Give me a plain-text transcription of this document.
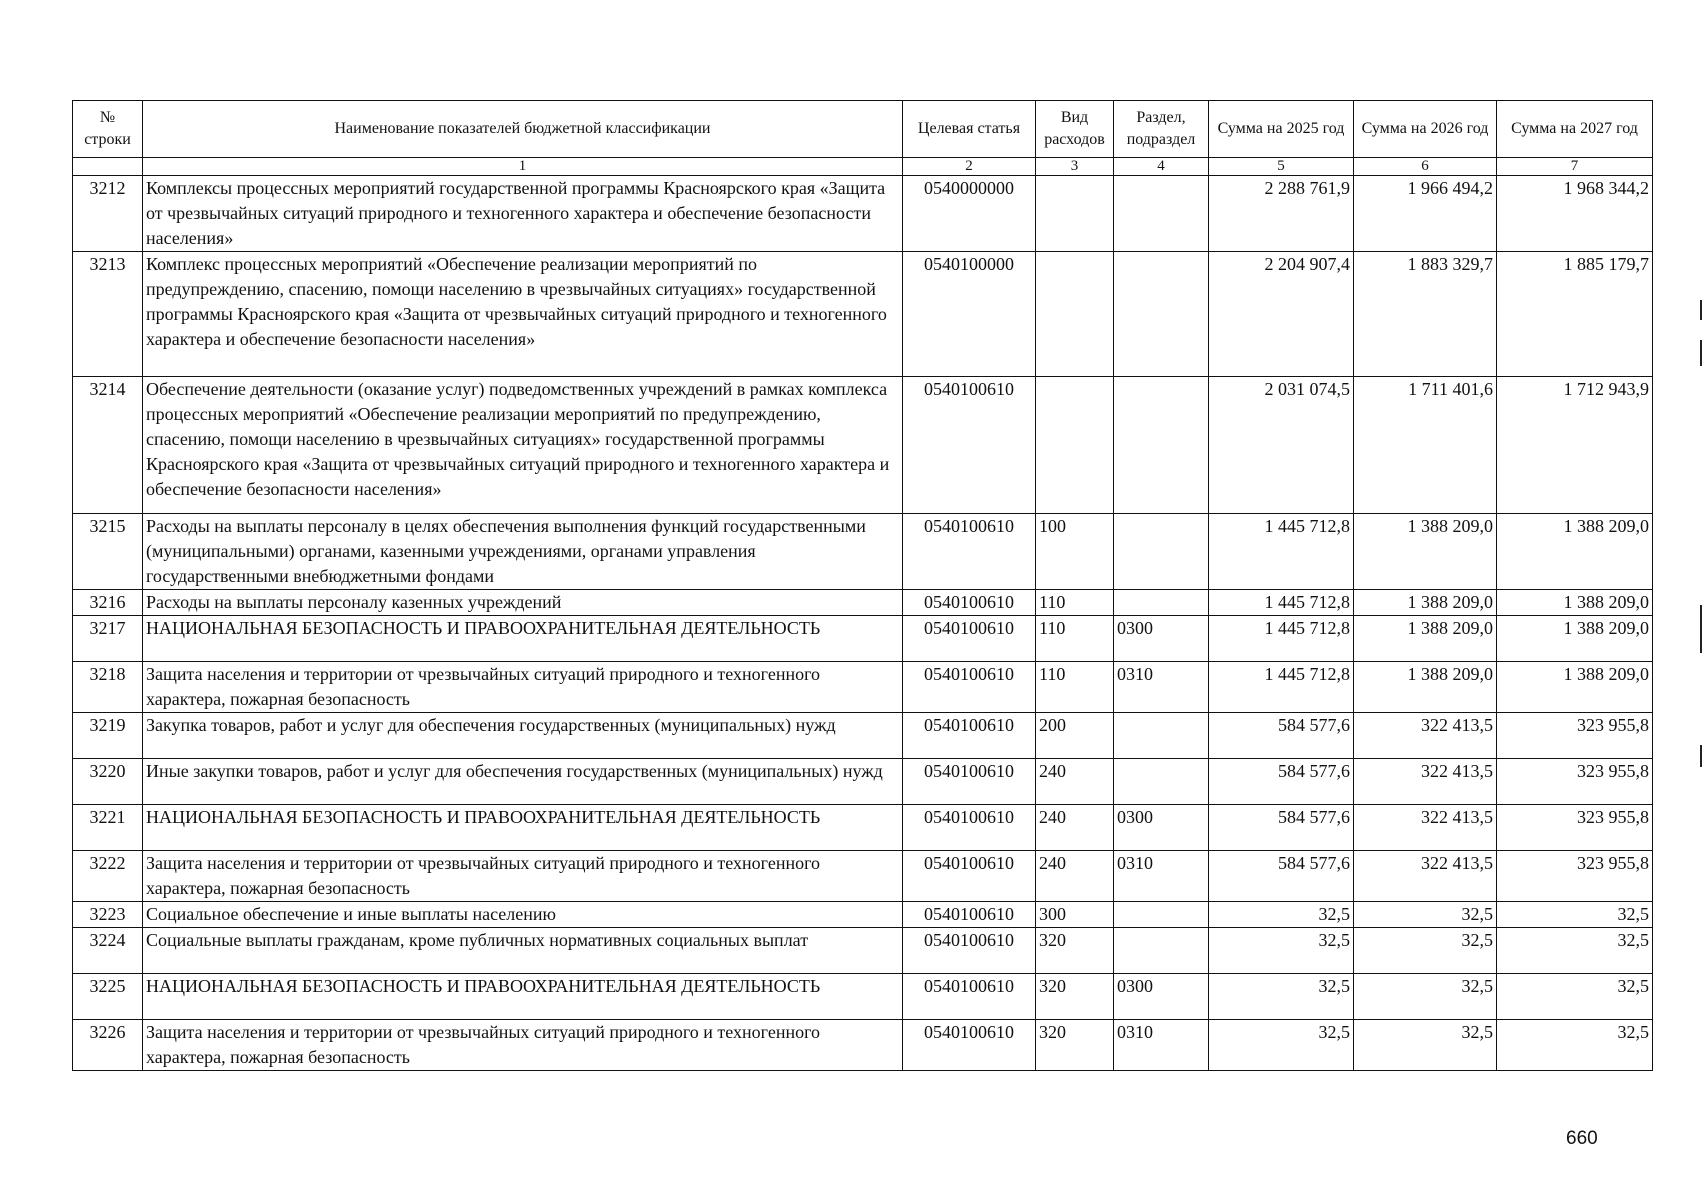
№ строки	Наименование показателей бюджетной классификации	Целевая статья	Вид расходов	Раздел, подраздел	Сумма на 2025 год	Сумма на 2026 год	Сумма на 2027 год
	1	2	3	4	5	6	7
3212	Комплексы процессных мероприятий государственной программы Красноярского края «Защита от чрезвычайных ситуаций природного и техногенного характера и обеспечение безопасности населения»	0540000000			2 288 761,9	1 966 494,2	1 968 344,2
3213	Комплекс процессных мероприятий «Обеспечение реализации мероприятий по предупреждению, спасению, помощи населению в чрезвычайных ситуациях» государственной программы Красноярского края «Защита от чрезвычайных ситуаций природного и техногенного характера и обеспечение безопасности населения»	0540100000			2 204 907,4	1 883 329,7	1 885 179,7
3214	Обеспечение деятельности (оказание услуг) подведомственных учреждений в рамках комплекса процессных мероприятий «Обеспечение реализации мероприятий по предупреждению, спасению, помощи населению в чрезвычайных ситуациях» государственной программы Красноярского края «Защита от чрезвычайных ситуаций природного и техногенного характера и обеспечение безопасности населения»	0540100610			2 031 074,5	1 711 401,6	1 712 943,9
3215	Расходы на выплаты персоналу в целях обеспечения выполнения функций государственными (муниципальными) органами, казенными учреждениями, органами управления государственными внебюджетными фондами	0540100610	100		1 445 712,8	1 388 209,0	1 388 209,0
3216	Расходы на выплаты персоналу казенных учреждений	0540100610	110		1 445 712,8	1 388 209,0	1 388 209,0
3217	НАЦИОНАЛЬНАЯ БЕЗОПАСНОСТЬ И ПРАВООХРАНИТЕЛЬНАЯ ДЕЯТЕЛЬНОСТЬ	0540100610	110	0300	1 445 712,8	1 388 209,0	1 388 209,0
3218	Защита населения и территории от чрезвычайных ситуаций природного и техногенного характера, пожарная безопасность	0540100610	110	0310	1 445 712,8	1 388 209,0	1 388 209,0
3219	Закупка товаров, работ и услуг для обеспечения государственных (муниципальных) нужд	0540100610	200		584 577,6	322 413,5	323 955,8
3220	Иные закупки товаров, работ и услуг для обеспечения государственных (муниципальных) нужд	0540100610	240		584 577,6	322 413,5	323 955,8
3221	НАЦИОНАЛЬНАЯ БЕЗОПАСНОСТЬ И ПРАВООХРАНИТЕЛЬНАЯ ДЕЯТЕЛЬНОСТЬ	0540100610	240	0300	584 577,6	322 413,5	323 955,8
3222	Защита населения и территории от чрезвычайных ситуаций природного и техногенного характера, пожарная безопасность	0540100610	240	0310	584 577,6	322 413,5	323 955,8
3223	Социальное обеспечение и иные выплаты населению	0540100610	300		32,5	32,5	32,5
3224	Социальные выплаты гражданам, кроме публичных нормативных социальных выплат	0540100610	320		32,5	32,5	32,5
3225	НАЦИОНАЛЬНАЯ БЕЗОПАСНОСТЬ И ПРАВООХРАНИТЕЛЬНАЯ ДЕЯТЕЛЬНОСТЬ	0540100610	320	0300	32,5	32,5	32,5
3226	Защита населения и территории от чрезвычайных ситуаций природного и техногенного характера, пожарная безопасность	0540100610	320	0310	32,5	32,5	32,5
660
